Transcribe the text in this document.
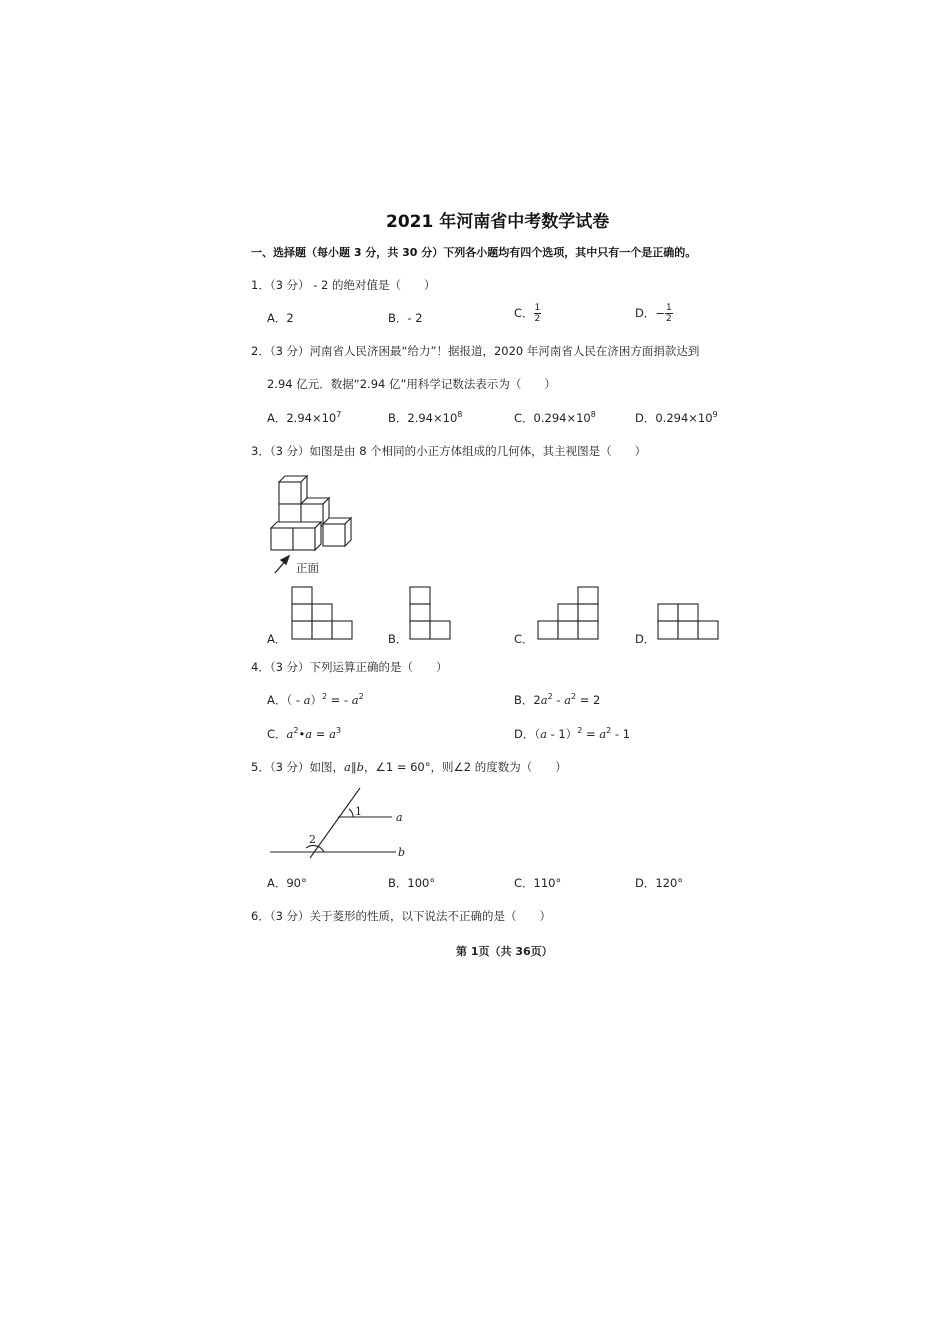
2021 年河南省中考数学试卷
一、选择题（每小题 3 分，共 30 分）下列各小题均有四个选项，其中只有一个是正确的。
1．（3 分） - 2 的绝对值是（　　）
A．2	B．- 2	C． $\frac{1}{2}$	D．− $\frac{1}{2}$
2．（3 分）河南省人民济困最“给力”！据报道，2020 年河南省人民在济困方面捐款达到
2.94 亿元．数据“2.94 亿”用科学记数法表示为（　　）
A．$2.94\times 10^7$	B．$2.94\times 10^8$	C．$0.294\times 10^8$	D．$0.294\times 10^9$
3．（3 分）如图是由 8 个相同的小正方体组成的几何体，其主视图是（　　）
正面
A．	B．	C．	D．
4．（3 分）下列运算正确的是（　　）
A．（ - a）$^2$ = - $a^2$	B．$2a^2 - a^2 = 2$
C．$a^2•a = a^3$	D．$(a - 1)^2 = a^2 - 1$
5．（3 分）如图，a∥b，∠1 = 60°，则∠2 的度数为（　　）
1
2
a
b
A．90°	B．100°	C．110°	D．120°
6．（3 分）关于菱形的性质，以下说法不正确的是（　　）
第 1页（共 36页）
